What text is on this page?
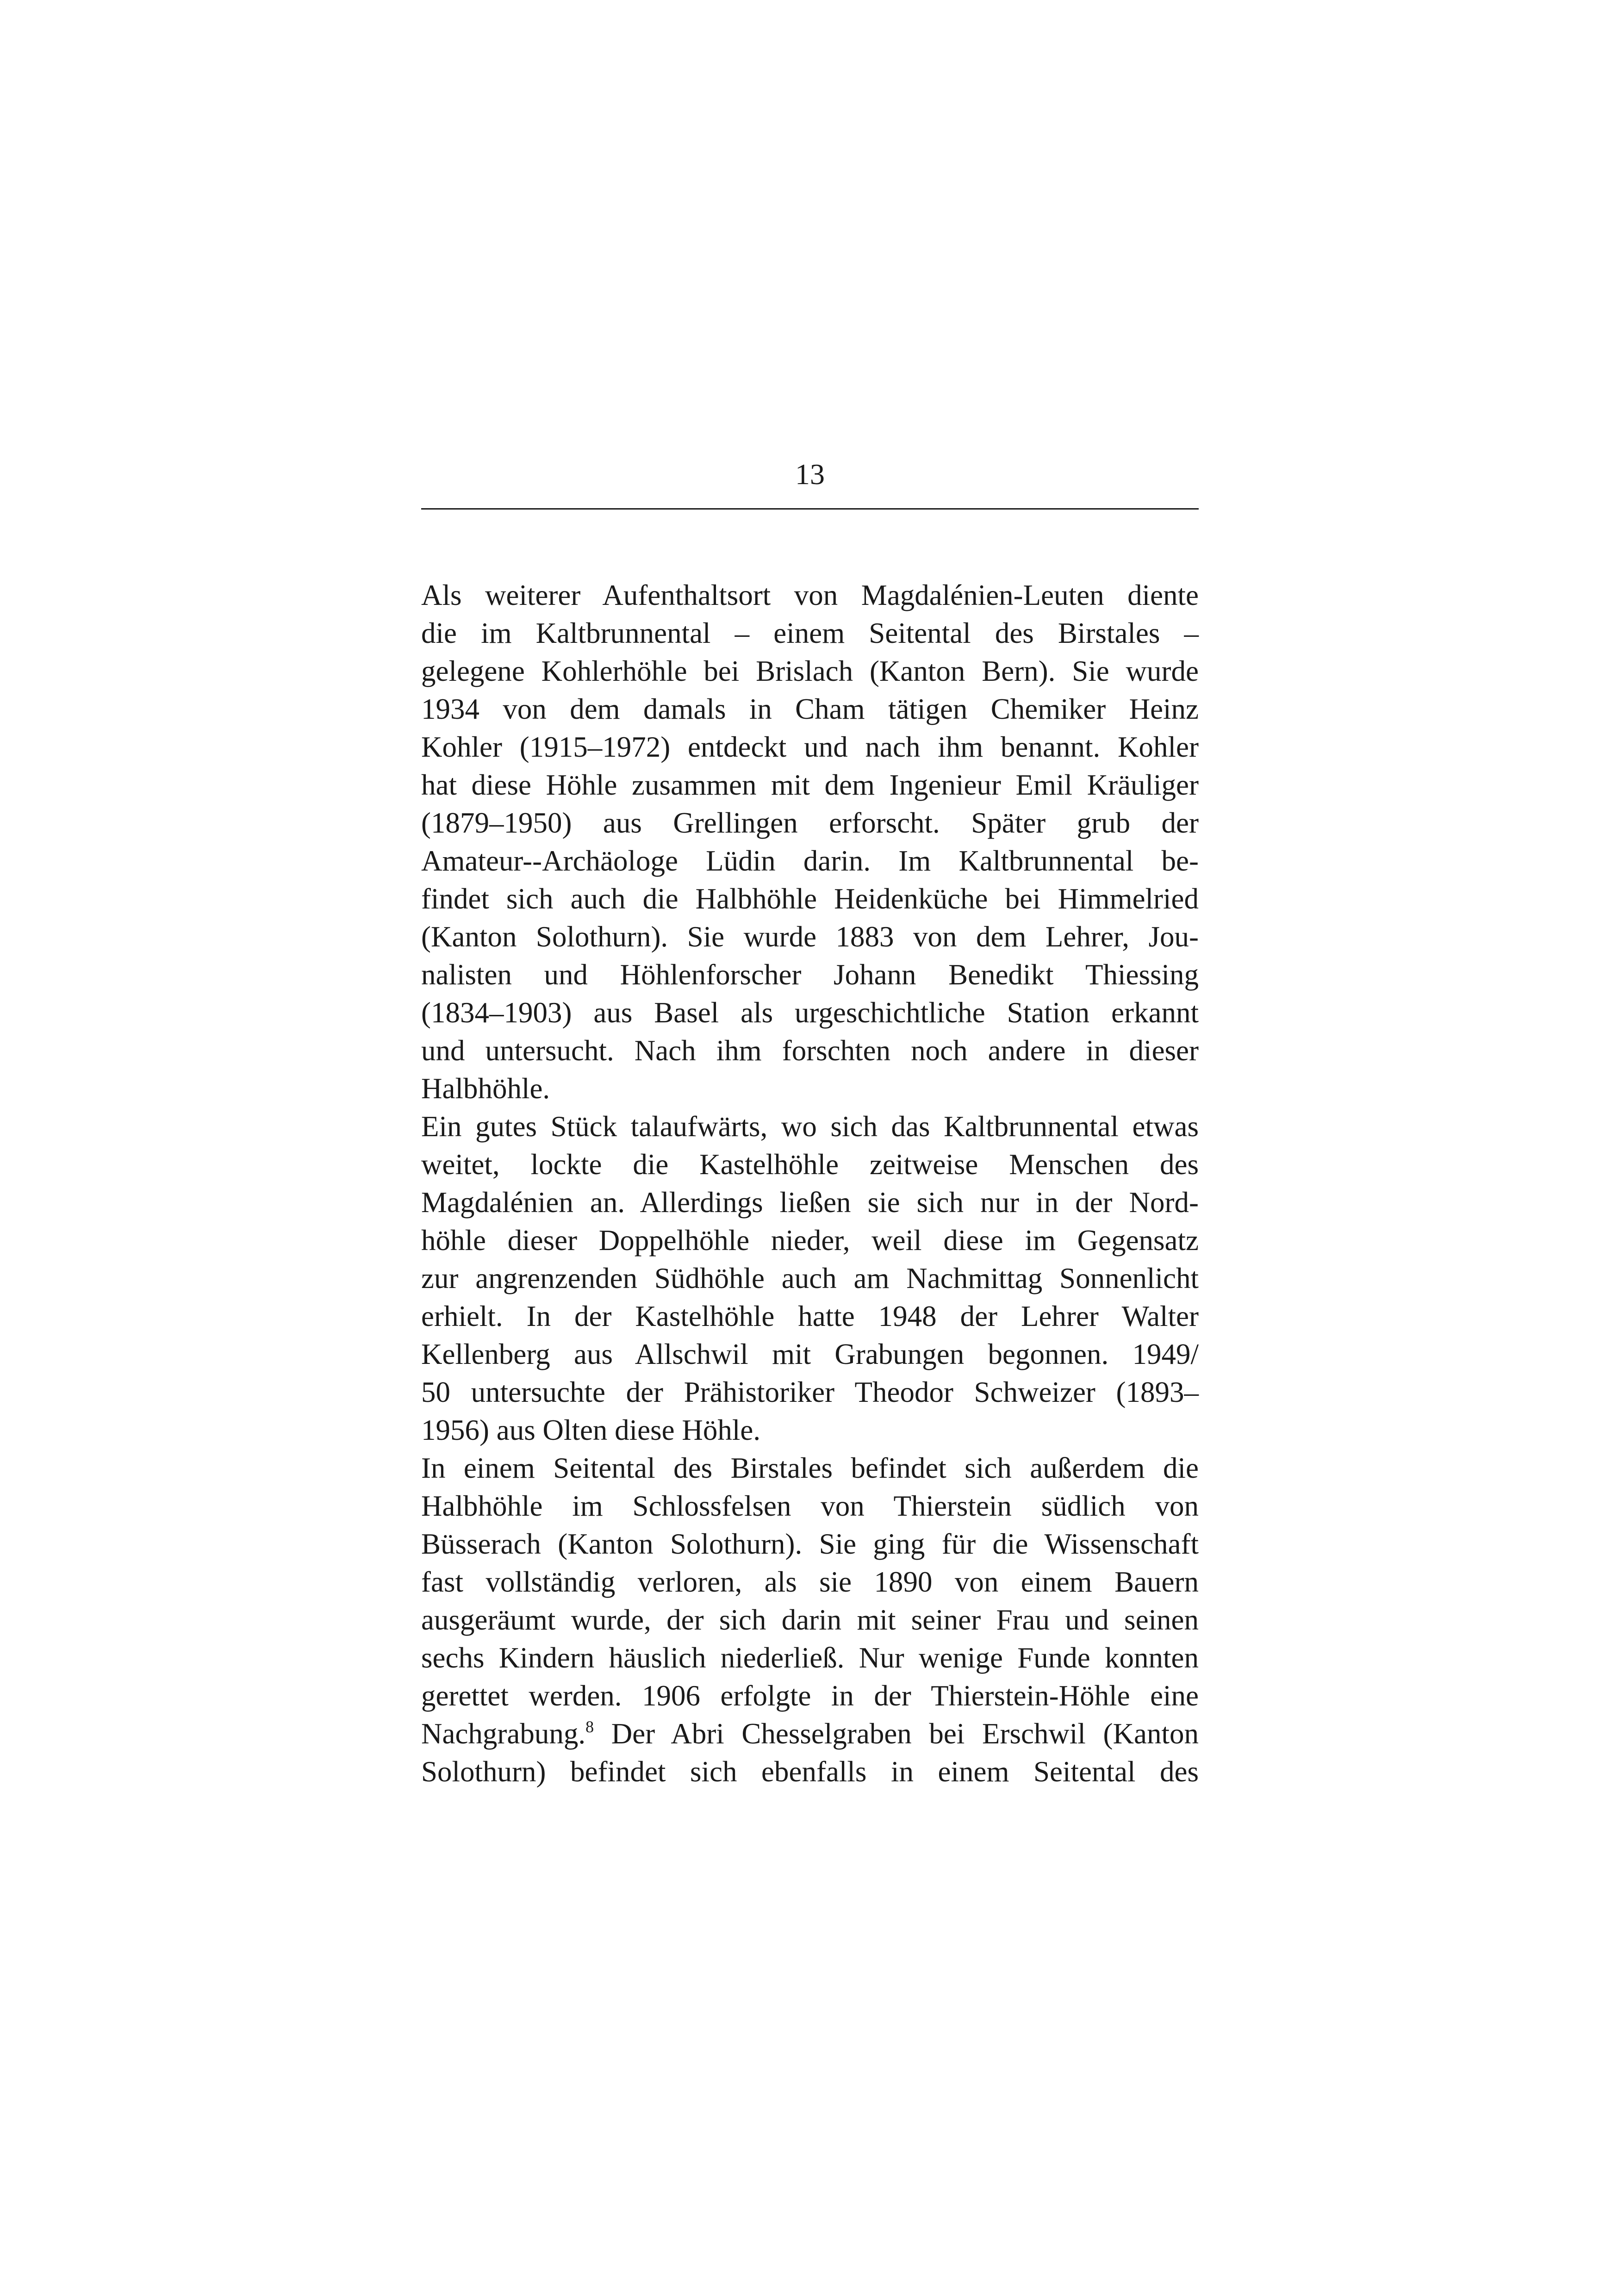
13
Als weiterer Aufenthaltsort von Magdalénien-Leuten diente
die im Kaltbrunnental – einem Seitental des Birstales –
gelegene Kohlerhöhle bei Brislach (Kanton Bern). Sie wurde
1934 von dem damals in Cham tätigen Chemiker Heinz
Kohler (1915–1972) entdeckt und nach ihm benannt. Kohler
hat diese Höhle zusammen mit dem Ingenieur Emil Kräuliger
(1879–1950) aus Grellingen erforscht. Später grub der
Amateur--Archäologe Lüdin darin. Im Kaltbrunnental be-
findet sich auch die Halbhöhle Heidenküche bei Himmelried
(Kanton Solothurn). Sie wurde 1883 von dem Lehrer, Jou-
nalisten und Höhlenforscher Johann Benedikt Thiessing
(1834–1903) aus Basel als urgeschichtliche Station erkannt
und untersucht. Nach ihm forschten noch andere in dieser
Halbhöhle.
Ein gutes Stück talaufwärts, wo sich das Kaltbrunnental etwas
weitet, lockte die Kastelhöhle zeitweise Menschen des
Magdalénien an. Allerdings ließen sie sich nur in der Nord-
höhle dieser Doppelhöhle nieder, weil diese im Gegensatz
zur angrenzenden Südhöhle auch am Nachmittag Sonnenlicht
erhielt. In der Kastelhöhle hatte 1948 der Lehrer Walter
Kellenberg aus Allschwil mit Grabungen begonnen. 1949/
50 untersuchte der Prähistoriker Theodor Schweizer (1893–
1956) aus Olten diese Höhle.
In einem Seitental des Birstales befindet sich außerdem die
Halbhöhle im Schlossfelsen von Thierstein südlich von
Büsserach (Kanton Solothurn). Sie ging für die Wissenschaft
fast vollständig verloren, als sie 1890 von einem Bauern
ausgeräumt wurde, der sich darin mit seiner Frau und seinen
sechs Kindern häuslich niederließ. Nur wenige Funde konnten
gerettet werden. 1906 erfolgte in der Thierstein-Höhle eine
Nachgrabung.$^8$ Der Abri Chesselgraben bei Erschwil (Kanton
Solothurn) befindet sich ebenfalls in einem Seitental des
